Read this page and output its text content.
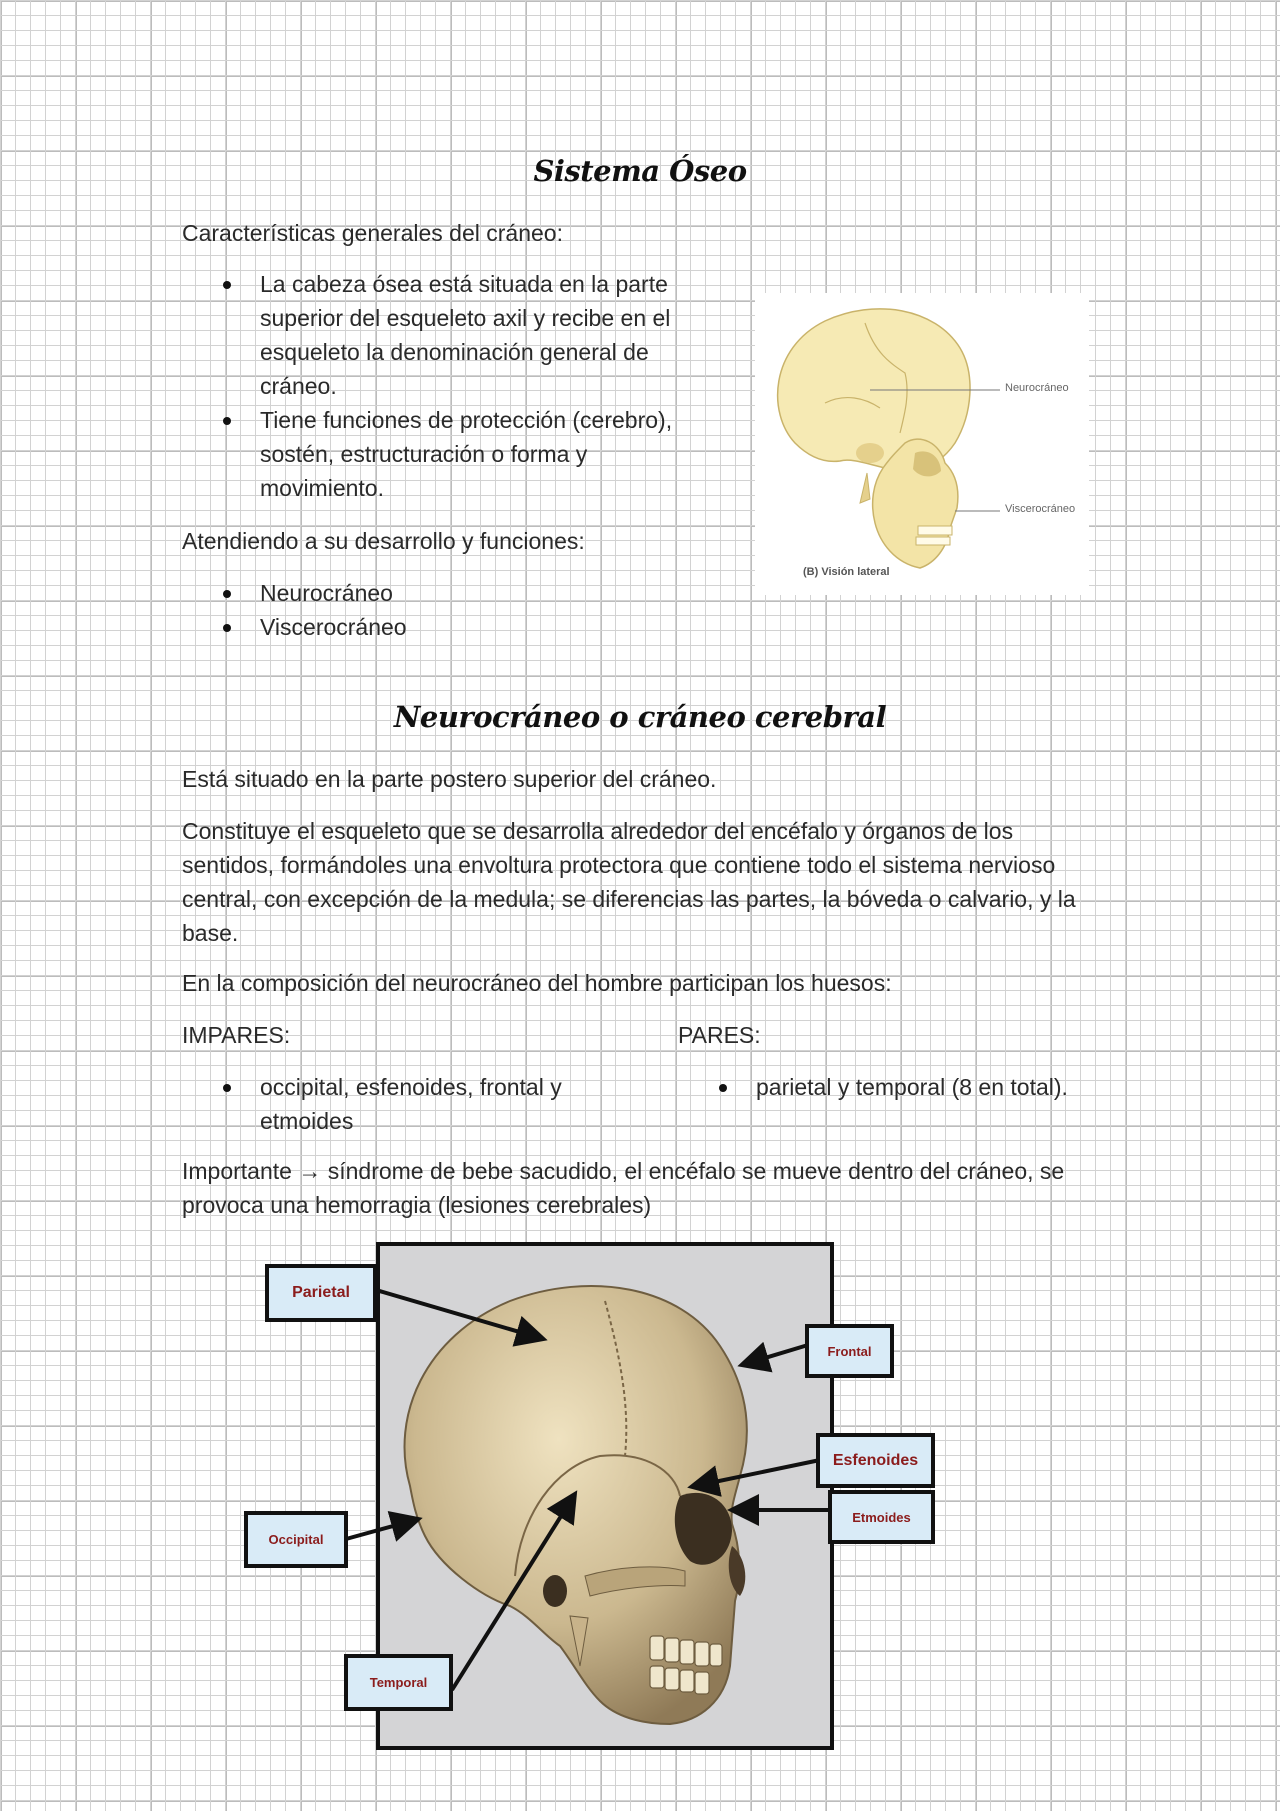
Sistema Óseo
Características generales del cráneo:
La cabeza ósea está situada en la parte superior del esqueleto axil y recibe en el esqueleto la denominación general de cráneo.
Tiene funciones de protección (cerebro), sostén, estructuración o forma y movimiento.
Atendiendo a su desarrollo y funciones:
Neurocráneo
Viscerocráneo
Neurocráneo
Viscerocráneo
(B) Visión lateral
Neurocráneo o cráneo cerebral
Está situado en la parte postero superior del cráneo.
Constituye el esqueleto que se desarrolla alrededor del encéfalo y órganos de los sentidos, formándoles una envoltura protectora que contiene todo el sistema nervioso central, con excepción de la medula; se diferencias las partes, la bóveda o calvario, y la base.
En la composición del neurocráneo del hombre participan los huesos:
IMPARES:	PARES:
occipital, esfenoides, frontal y etmoides
parietal y temporal (8 en total).
Importante → síndrome de bebe sacudido, el encéfalo se mueve dentro del cráneo, se provoca una hemorragia (lesiones cerebrales)
Parietal
Frontal
Esfenoides
Etmoides
Occipital
Temporal
